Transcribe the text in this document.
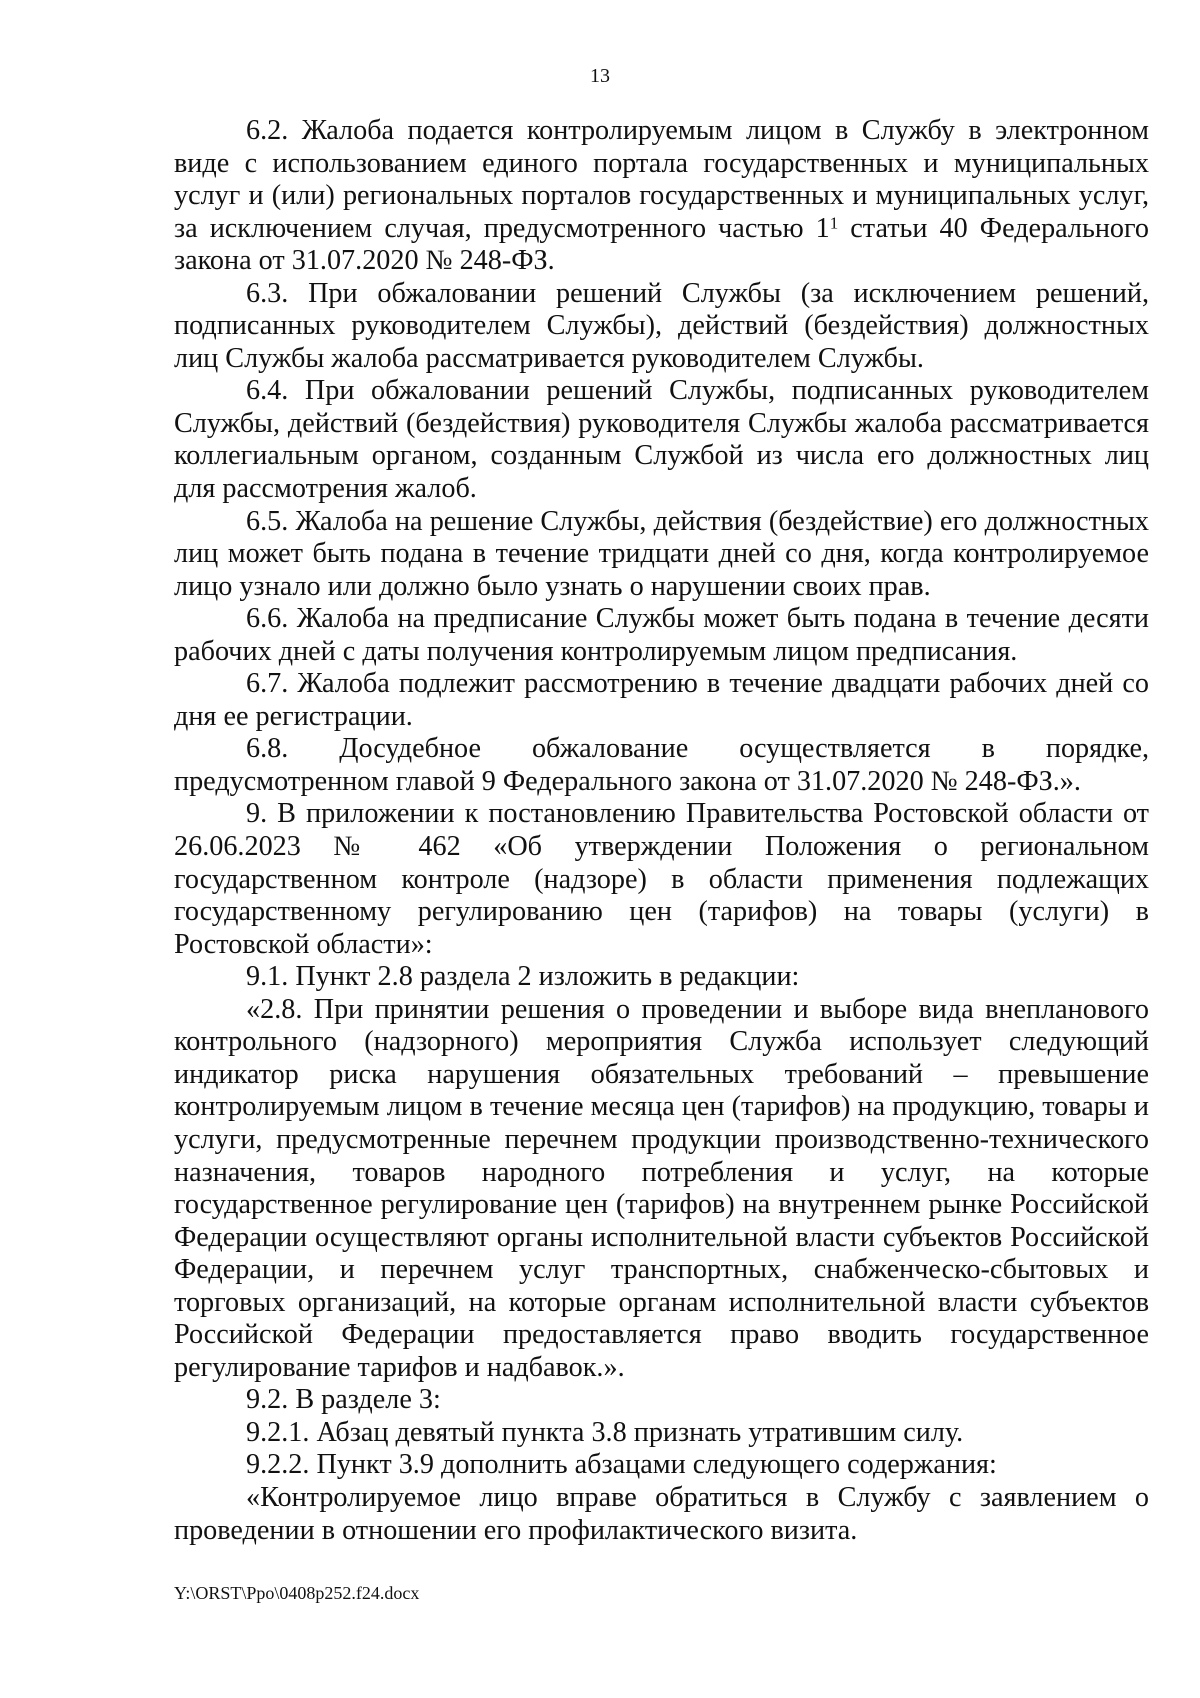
13

6.2. Жалоба подается контролируемым лицом в Службу в электронном виде с использованием единого портала государственных и муниципальных услуг и (или) региональных порталов государственных и муниципальных услуг, за исключением случая, предусмотренного частью $1^1$ статьи 40 Федерального закона от 31.07.2020 № 248-ФЗ.

6.3. При обжаловании решений Службы (за исключением решений, подписанных руководителем Службы), действий (бездействия) должностных лиц Службы жалоба рассматривается руководителем Службы.

6.4. При обжаловании решений Службы, подписанных руководителем Службы, действий (бездействия) руководителя Службы жалоба рассматривается коллегиальным органом, созданным Службой из числа его должностных лиц для рассмотрения жалоб.

6.5. Жалоба на решение Службы, действия (бездействие) его должностных лиц может быть подана в течение тридцати дней со дня, когда контролируемое лицо узнало или должно было узнать о нарушении своих прав.

6.6. Жалоба на предписание Службы может быть подана в течение десяти рабочих дней с даты получения контролируемым лицом предписания.

6.7. Жалоба подлежит рассмотрению в течение двадцати рабочих дней со дня ее регистрации.

6.8. Досудебное обжалование осуществляется в порядке, предусмотренном главой 9 Федерального закона от 31.07.2020 № 248-ФЗ.».

9. В приложении к постановлению Правительства Ростовской области от 26.06.2023 № 462 «Об утверждении Положения о региональном государственном контроле (надзоре) в области применения подлежащих государственному регулированию цен (тарифов) на товары (услуги) в Ростовской области»:

9.1. Пункт 2.8 раздела 2 изложить в редакции:

«2.8. При принятии решения о проведении и выборе вида внепланового контрольного (надзорного) мероприятия Служба использует следующий индикатор риска нарушения обязательных требований – превышение контролируемым лицом в течение месяца цен (тарифов) на продукцию, товары и услуги, предусмотренные перечнем продукции производственно-технического назначения, товаров народного потребления и услуг, на которые государственное регулирование цен (тарифов) на внутреннем рынке Российской Федерации осуществляют органы исполнительной власти субъектов Российской Федерации, и перечнем услуг транспортных, снабженческо-сбытовых и торговых организаций, на которые органам исполнительной власти субъектов Российской Федерации предоставляется право вводить государственное регулирование тарифов и надбавок.».

9.2. В разделе 3:

9.2.1. Абзац девятый пункта 3.8 признать утратившим силу.

9.2.2. Пункт 3.9 дополнить абзацами следующего содержания:

«Контролируемое лицо вправе обратиться в Службу с заявлением о проведении в отношении его профилактического визита.

Y:\ORST\Ppo\0408p252.f24.docx
